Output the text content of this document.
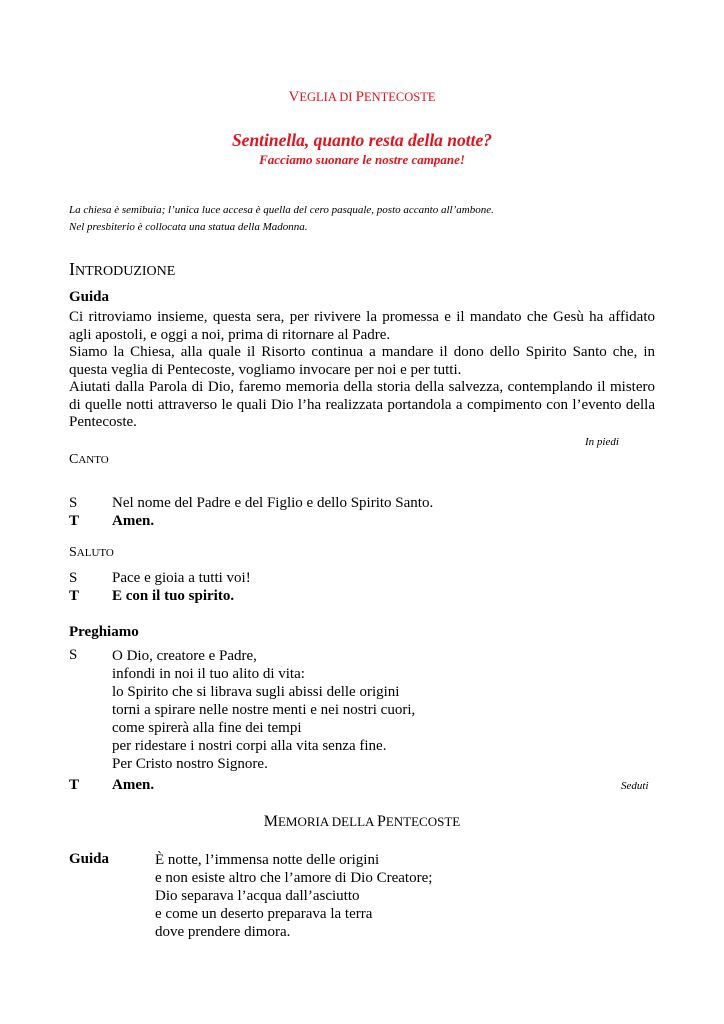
VEGLIA DI PENTECOSTE
Sentinella, quanto resta della notte?
Facciamo suonare le nostre campane!
La chiesa è semibuia; l’unica luce accesa è quella del cero pasquale, posto accanto all’ambone.
Nel presbiterio è collocata una statua della Madonna.
INTRODUZIONE
Guida

Ci ritroviamo insieme, questa sera, per rivivere la promessa e il mandato che Gesù ha affidato agli apostoli, e oggi a noi, prima di ritornare al Padre.

Siamo la Chiesa, alla quale il Risorto continua a mandare il dono dello Spirito Santo che, in questa veglia di Pentecoste, vogliamo invocare per noi e per tutti.

Aiutati dalla Parola di Dio, faremo memoria della storia della salvezza, contemplando il mistero di quelle notti attraverso le quali Dio l’ha realizzata portandola a compimento con l’evento della Pentecoste.

In piedi
CANTO
S Nel nome del Padre e del Figlio e dello Spirito Santo.
T Amen.
SALUTO
S Pace e gioia a tutti voi!
T E con il tuo spirito.
Preghiamo
S O Dio, creatore e Padre,
infondi in noi il tuo alito di vita:
lo Spirito che si librava sugli abissi delle origini
torni a spirare nelle nostre menti e nei nostri cuori,
come spirerà alla fine dei tempi
per ridestare i nostri corpi alla vita senza fine.
Per Cristo nostro Signore.
T Amen.	Seduti
MEMORIA DELLA PENTECOSTE
Guida	È notte, l’immensa notte delle origini
e non esiste altro che l’amore di Dio Creatore;
Dio separava l’acqua dall’asciutto
e come un deserto preparava la terra
dove prendere dimora.
